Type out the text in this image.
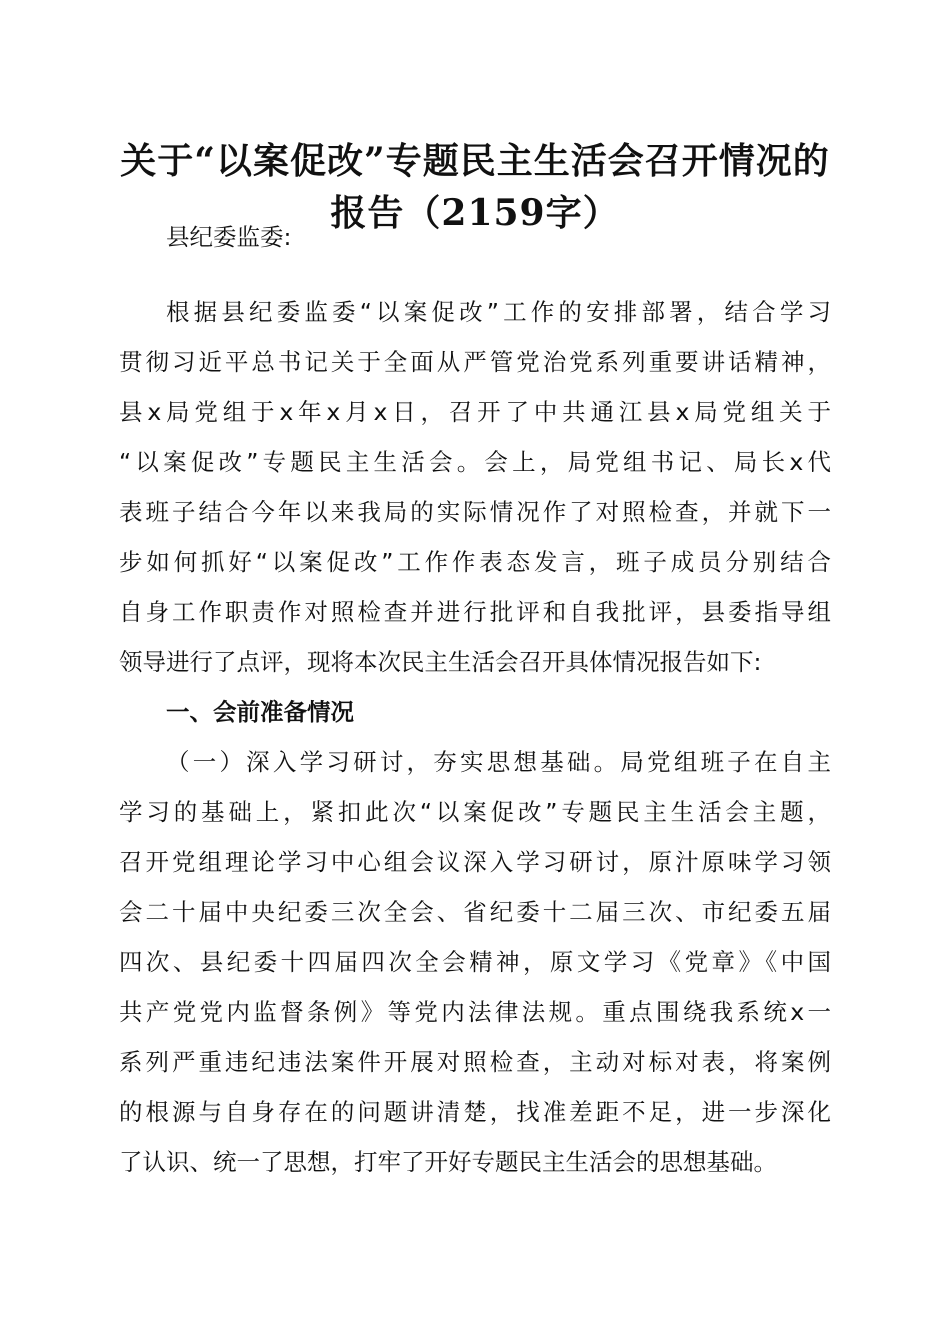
关于“以案促改”专题民主生活会召开情况的
报告（2159字）
县纪委监委:
根据县纪委监委“以案促改”工作的安排部署，结合学习
贯彻习近平总书记关于全面从严管党治党系列重要讲话精神，
县x局党组于x年x月x日，召开了中共通江县x局党组关于
“以案促改”专题民主生活会。会上，局党组书记、局长x代
表班子结合今年以来我局的实际情况作了对照检查，并就下一
步如何抓好“以案促改”工作作表态发言，班子成员分别结合
自身工作职责作对照检查并进行批评和自我批评，县委指导组
领导进行了点评，现将本次民主生活会召开具体情况报告如下:
一、会前准备情况
（一）深入学习研讨，夯实思想基础。局党组班子在自主
学习的基础上，紧扣此次“以案促改”专题民主生活会主题，
召开党组理论学习中心组会议深入学习研讨，原汁原味学习领
会二十届中央纪委三次全会、省纪委十二届三次、市纪委五届
四次、县纪委十四届四次全会精神，原文学习《党章》《中国
共产党党内监督条例》等党内法律法规。重点围绕我系统x一
系列严重违纪违法案件开展对照检查，主动对标对表，将案例
的根源与自身存在的问题讲清楚，找准差距不足，进一步深化
了认识、统一了思想，打牢了开好专题民主生活会的思想基础。
